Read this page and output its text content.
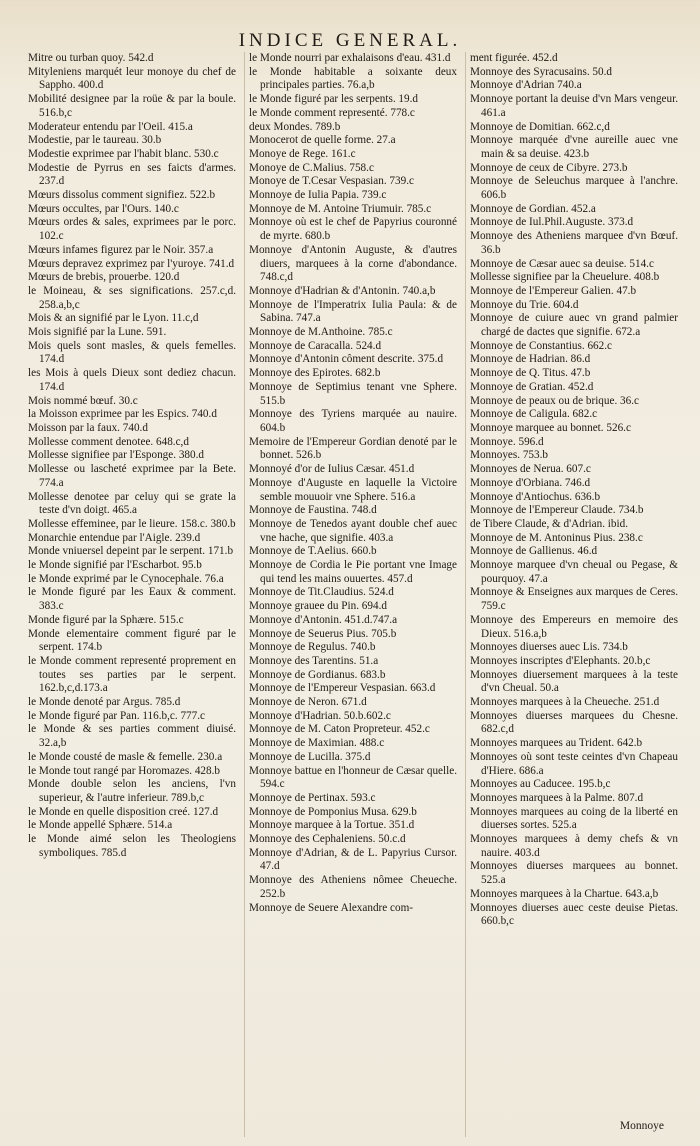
INDICE GENERAL.
Mitre ou turban quoy. 542.d
Mityleniens marquét leur monoye du chef de Sappho. 400.d
Mobilité designee par la roüe & par la boule. 516.b,c
Moderateur entendu par l'Oeil. 415.a
Modestie, par le taureau. 30.b
Modestie exprimee par l'habit blanc. 530.c
Modestie de Pyrrus en ses faicts d'armes. 237.d
Mœurs dissolus comment signifiez. 522.b
Mœurs occultes, par l'Ours. 140.c
Mœurs ordes & sales, exprimees par le porc. 102.c
Mœurs infames figurez par le Noir. 357.a
Mœurs depravez exprimez par l'yuroye. 741.d
Mœurs de brebis, prouerbe. 120.d
le Moineau, & ses significations. 257.c,d. 258.a,b,c
Mois & an signifié par le Lyon. 11.c,d
Mois signifié par la Lune. 591.
Mois quels sont masles, & quels femelles. 174.d
les Mois à quels Dieux sont dediez chacun. 174.d
Mois nommé bœuf. 30.c
la Moisson exprimee par les Espics. 740.d
Moisson par la faux. 740.d
Mollesse comment denotee. 648.c,d
Mollesse signifiee par l'Esponge. 380.d
Mollesse ou lascheté exprimee par la Bete. 774.a
Mollesse denotee par celuy qui se grate la teste d'vn doigt. 465.a
Mollesse effeminee, par le lieure. 158.c. 380.b
Monarchie entendue par l'Aigle. 239.d
Monde vniuersel depeint par le serpent. 171.b
le Monde signifié par l'Escharbot. 95.b
le Monde exprimé par le Cynocephale. 76.a
le Monde figuré par les Eaux & comment. 383.c
Monde figuré par la Sphære. 515.c
Monde elementaire comment figuré par le serpent. 174.b
le Monde comment representé proprement en toutes ses parties par le serpent. 162.b,c,d.173.a
le Monde denoté par Argus. 785.d
le Monde figuré par Pan. 116.b,c. 777.c
le Monde & ses parties comment diuisé. 32.a,b
le Monde cousté de masle & femelle. 230.a
le Monde tout rangé par Horomazes. 428.b
Monde double selon les anciens, l'vn superieur, & l'autre inferieur. 789.b,c
le Monde en quelle disposition creé. 127.d
le Monde appellé Sphære. 514.a
le Monde aimé selon les Theologiens symboliques. 785.d
le Monde nourri par exhalaisons d'eau. 431.d
le Monde habitable a soixante deux principales parties. 76.a,b
le Monde figuré par les serpents. 19.d
le Monde comment representé. 778.c
deux Mondes. 789.b
Monocerot de quelle forme. 27.a
Monoye de Rege. 161.c
Monoye de C.Malius. 758.c
Monoye de T.Cesar Vespasian. 739.c
Monnoye de Iulia Papia. 739.c
Monnoye de M. Antoine Triumuir. 785.c
Monnoye où est le chef de Papyrius couronné de myrte. 680.b
Monnoye d'Antonin Auguste, & d'autres diuers, marquees à la corne d'abondance. 748.c,d
Monnoye d'Hadrian & d'Antonin. 740.a,b
Monnoye de l'Imperatrix Iulia Paula: & de Sabina. 747.a
Monnoye de M.Anthoine. 785.c
Monnoye de Caracalla. 524.d
Monnoye d'Antonin côment descrite. 375.d
Monnoye des Epirotes. 682.b
Monnoye de Septimius tenant vne Sphere. 515.b
Monnoye des Tyriens marquée au nauire. 604.b
Memoire de l'Empereur Gordian denoté par le bonnet. 526.b
Monnoyé d'or de Iulius Cæsar. 451.d
Monnoye d'Auguste en laquelle la Victoire semble mouuoir vne Sphere. 516.a
Monnoye de Faustina. 748.d
Monnoye de Tenedos ayant double chef auec vne hache, que signifie. 403.a
Monnoye de T.Aelius. 660.b
Monnoye de Cordia le Pie portant vne Image qui tend les mains ouuertes. 457.d
Monnoye de Tit.Claudius. 524.d
Monnoye grauee du Pin. 694.d
Monnoye d'Antonin. 451.d.747.a
Monnoye de Seuerus Pius. 705.b
Monnoye de Regulus. 740.b
Monnoye des Tarentins. 51.a
Monnoye de Gordianus. 683.b
Monnoye de l'Empereur Vespasian. 663.d
Monnoye de Neron. 671.d
Monnoye d'Hadrian. 50.b.602.c
Monnoye de M. Caton Propreteur. 452.c
Monnoye de Maximian. 488.c
Monnoye de Lucilla. 375.d
Monnoye battue en l'honneur de Cæsar quelle. 594.c
Monnoye de Pertinax. 593.c
Monnoye de Pomponius Musa. 629.b
Monnoye marquee à la Tortue. 351.d
Monnoye des Cephaleniens. 50.c.d
Monnoye d'Adrian, & de L. Papyrius Cursor. 47.d
Monnoye des Atheniens nômee Cheueche. 252.b
Monnoye de Seuere Alexandre com-
ment figurée. 452.d
Monnoye des Syracusains. 50.d
Monnoye d'Adrian 740.a
Monnoye portant la deuise d'vn Mars vengeur. 461.a
Monnoye de Domitian. 662.c,d
Monnoye marquée d'vne aureille auec vne main & sa deuise. 423.b
Monnoye de ceux de Cibyre. 273.b
Monnoye de Seleuchus marquee à l'anchre. 606.b
Monnoye de Gordian. 452.a
Monnoye de Iul.Phil.Auguste. 373.d
Monnoye des Atheniens marquee d'vn Bœuf. 36.b
Monnoye de Cæsar auec sa deuise. 514.c
Mollesse signifiee par la Cheuelure. 408.b
Monnoye de l'Empereur Galien. 47.b
Monnoye du Trie. 604.d
Monnoye de cuiure auec vn grand palmier chargé de dactes que signifie. 672.a
Monnoye de Constantius. 662.c
Monnoye de Hadrian. 86.d
Monnoye de Q. Titus. 47.b
Monnoye de Gratian. 452.d
Monnoye de peaux ou de brique. 36.c
Monnoye de Caligula. 682.c
Monnoye marquee au bonnet. 526.c
Monnoye. 596.d
Monnoyes. 753.b
Monnoyes de Nerua. 607.c
Monnoye d'Orbiana. 746.d
Monnoye d'Antiochus. 636.b
Monnoye de l'Empereur Claude. 734.b
de Tibere Claude, & d'Adrian. ibid.
Monnoye de M. Antoninus Pius. 238.c
Monnoye de Gallienus. 46.d
Monnoye marquee d'vn cheual ou Pegase, & pourquoy. 47.a
Monnoye & Enseignes aux marques de Ceres. 759.c
Monnoye des Empereurs en memoire des Dieux. 516.a,b
Monnoyes diuerses auec Lis. 734.b
Monnoyes inscriptes d'Elephants. 20.b,c
Monnoyes diuersement marquees à la teste d'vn Cheual. 50.a
Monnoyes marquees à la Cheueche. 251.d
Monnoyes diuerses marquees du Chesne. 682.c,d
Monnoyes marquees au Trident. 642.b
Monnoyes où sont teste ceintes d'vn Chapeau d'Hiere. 686.a
Monnoyes au Caducee. 195.b,c
Monnoyes marquees à la Palme. 807.d
Monnoyes marquees au coing de la liberté en diuerses sortes. 525.a
Monnoyes marquees à demy chefs & vn nauire. 403.d
Monnoyes diuerses marquees au bonnet. 525.a
Monnoyes marquees à la Chartue. 643.a,b
Monnoyes diuerses auec ceste deuise Pietas. 660.b,c
Monnoye
